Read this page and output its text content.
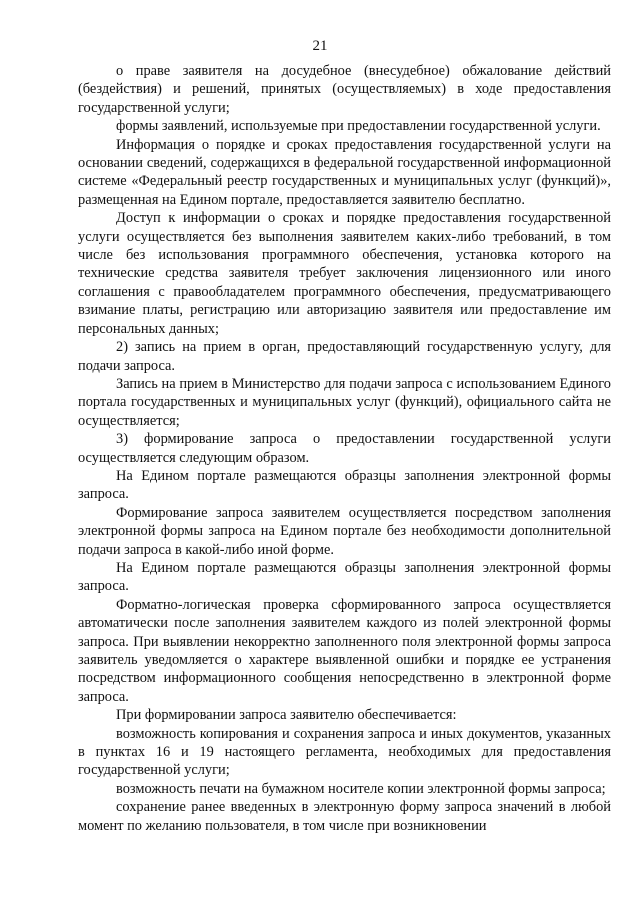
21

о праве заявителя на досудебное (внесудебное) обжалование действий (бездействия) и решений, принятых (осуществляемых) в ходе предоставления государственной услуги;

формы заявлений, используемые при предоставлении государственной услуги.

Информация о порядке и сроках предоставления государственной услуги на основании сведений, содержащихся в федеральной государственной информационной системе «Федеральный реестр государственных и муниципальных услуг (функций)», размещенная на Едином портале, предоставляется заявителю бесплатно.

Доступ к информации о сроках и порядке предоставления государственной услуги осуществляется без выполнения заявителем каких-либо требований, в том числе без использования программного обеспечения, установка которого на технические средства заявителя требует заключения лицензионного или иного соглашения с правообладателем программного обеспечения, предусматривающего взимание платы, регистрацию или авторизацию заявителя или предоставление им персональных данных;

2) запись на прием в орган, предоставляющий государственную услугу, для подачи запроса.

Запись на прием в Министерство для подачи запроса с использованием Единого портала государственных и муниципальных услуг (функций), официального сайта не осуществляется;

3) формирование запроса о предоставлении государственной услуги осуществляется следующим образом.

На Едином портале размещаются образцы заполнения электронной формы запроса.

Формирование запроса заявителем осуществляется посредством заполнения электронной формы запроса на Едином портале без необходимости дополнительной подачи запроса в какой-либо иной форме.

На Едином портале размещаются образцы заполнения электронной формы запроса.

Форматно-логическая проверка сформированного запроса осуществляется автоматически после заполнения заявителем каждого из полей электронной формы запроса. При выявлении некорректно заполненного поля электронной формы запроса заявитель уведомляется о характере выявленной ошибки и порядке ее устранения посредством информационного сообщения непосредственно в электронной форме запроса.

При формировании запроса заявителю обеспечивается:

возможность копирования и сохранения запроса и иных документов, указанных в пунктах 16 и 19 настоящего регламента, необходимых для предоставления государственной услуги;

возможность печати на бумажном носителе копии электронной формы запроса;

сохранение ранее введенных в электронную форму запроса значений в любой момент по желанию пользователя, в том числе при возникновении
